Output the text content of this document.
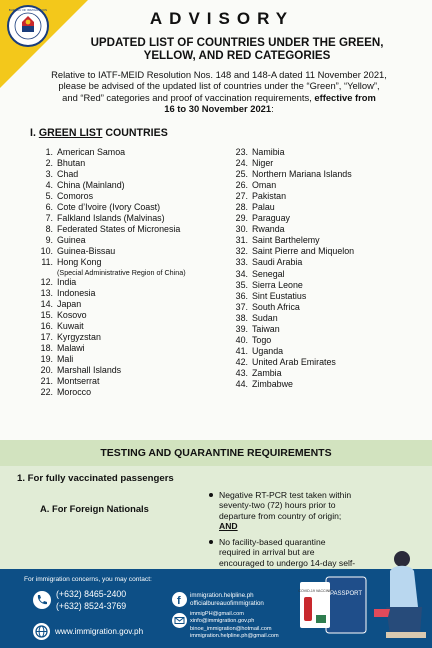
BUREAU OF IMMIGRATION	ADVISORY
UPDATED LIST OF COUNTRIES UNDER THE GREEN,
YELLOW, AND RED CATEGORIES
Relative to IATF-MEID Resolution Nos. 148 and 148-A dated 11 November 2021,
please be advised of the updated list of countries under the “Green”, “Yellow”,
and “Red” categories and proof of vaccination requirements, effective from
16 to 30 November 2021:
I. GREEN LIST COUNTRIES
1. American Samoa
2. Bhutan
3. Chad
4. China (Mainland)
5. Comoros
6. Cote d’Ivoire (Ivory Coast)
7. Falkland Islands (Malvinas)
8. Federated States of Micronesia
9. Guinea
10. Guinea-Bissau
11. Hong Kong
(Special Administrative Region of China)
12. India
13. Indonesia
14. Japan
15. Kosovo
16. Kuwait
17. Kyrgyzstan
18. Malawi
19. Mali
20. Marshall Islands
21. Montserrat
22. Morocco
23. Namibia
24. Niger
25. Northern Mariana Islands
26. Oman
27. Pakistan
28. Palau
29. Paraguay
30. Rwanda
31. Saint Barthelemy
32. Saint Pierre and Miquelon
33. Saudi Arabia
34. Senegal
35. Sierra Leone
36. Sint Eustatius
37. South Africa
38. Sudan
39. Taiwan
40. Togo
41. Uganda
42. United Arab Emirates
43. Zambia
44. Zimbabwe
TESTING AND QUARANTINE REQUIREMENTS
1. For fully vaccinated passengers
A. For Foreign Nationals
Negative RT-PCR test taken within seventy-two (72) hours prior to departure from country of origin; AND
No facility-based quarantine required in arrival but are encouraged to undergo 14-day self-
For immigration concerns, you may contact:
(+632) 8465-2400
(+632) 8524-3769
www.immigration.gov.ph
f immigration.helpline.ph
officialbureauofimmigration
immigPH@gmail.com
xinfo@immigration.gov.ph
binoe_immigration@hotmail.com
immigration.helpline.ph@gmail.com
PASSPORT
COVID-19 VACCINE
